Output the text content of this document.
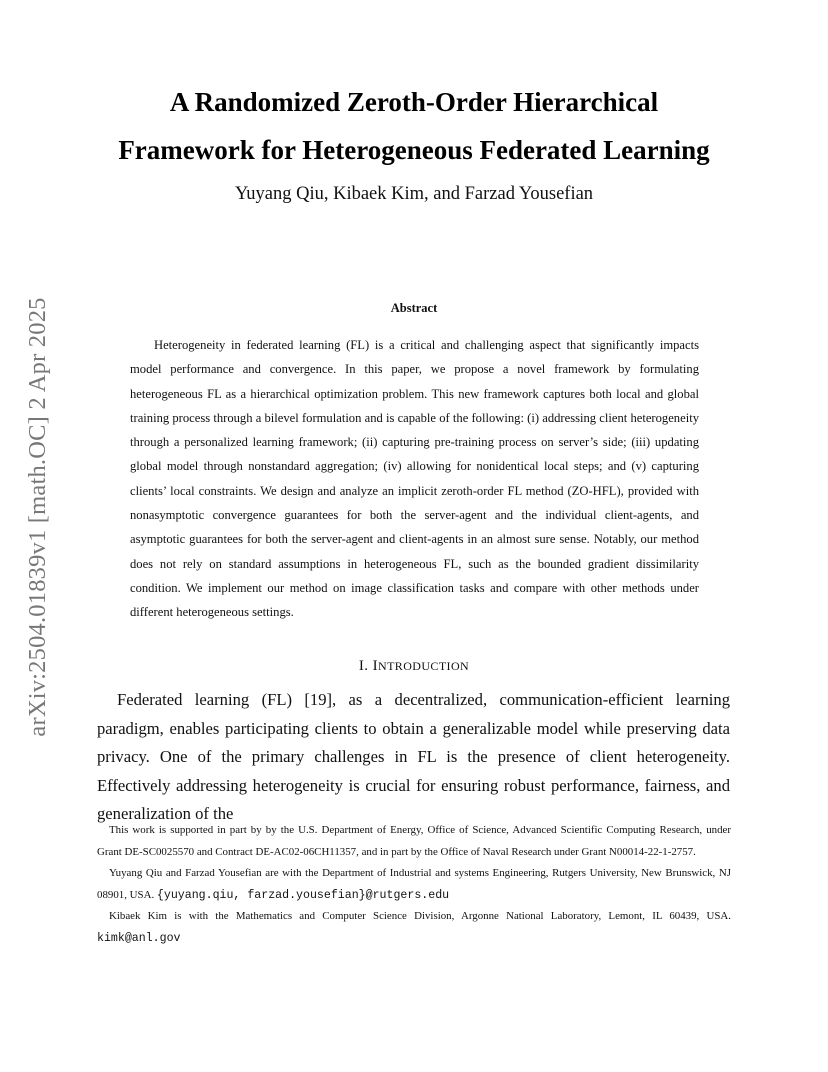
arXiv:2504.01839v1 [math.OC] 2 Apr 2025
A Randomized Zeroth-Order Hierarchical
Framework for Heterogeneous Federated Learning
Yuyang Qiu, Kibaek Kim, and Farzad Yousefian
Abstract

Heterogeneity in federated learning (FL) is a critical and challenging aspect that significantly impacts model performance and convergence. In this paper, we propose a novel framework by formulating heterogeneous FL as a hierarchical optimization problem. This new framework captures both local and global training process through a bilevel formulation and is capable of the following: (i) addressing client heterogeneity through a personalized learning framework; (ii) capturing pre-training process on server’s side; (iii) updating global model through nonstandard aggregation; (iv) allowing for nonidentical local steps; and (v) capturing clients’ local constraints. We design and analyze an implicit zeroth-order FL method (ZO-HFL), provided with nonasymptotic convergence guarantees for both the server-agent and the individual client-agents, and asymptotic guarantees for both the server-agent and client-agents in an almost sure sense. Notably, our method does not rely on standard assumptions in heterogeneous FL, such as the bounded gradient dissimilarity condition. We implement our method on image classification tasks and compare with other methods under different heterogeneous settings.

I. INTRODUCTION

Federated learning (FL) [19], as a decentralized, communication-efficient learning paradigm, enables participating clients to obtain a generalizable model while preserving data privacy. One of the primary challenges in FL is the presence of client heterogeneity. Effectively addressing heterogeneity is crucial for ensuring robust performance, fairness, and generalization of the

This work is supported in part by by the U.S. Department of Energy, Office of Science, Advanced Scientific Computing Research, under Grant DE-SC0025570 and Contract DE-AC02-06CH11357, and in part by the Office of Naval Research under Grant N00014-22-1-2757.

Yuyang Qiu and Farzad Yousefian are with the Department of Industrial and systems Engineering, Rutgers University, New Brunswick, NJ 08901, USA. {yuyang.qiu, farzad.yousefian}@rutgers.edu

Kibaek Kim is with the Mathematics and Computer Science Division, Argonne National Laboratory, Lemont, IL 60439, USA. kimk@anl.gov
